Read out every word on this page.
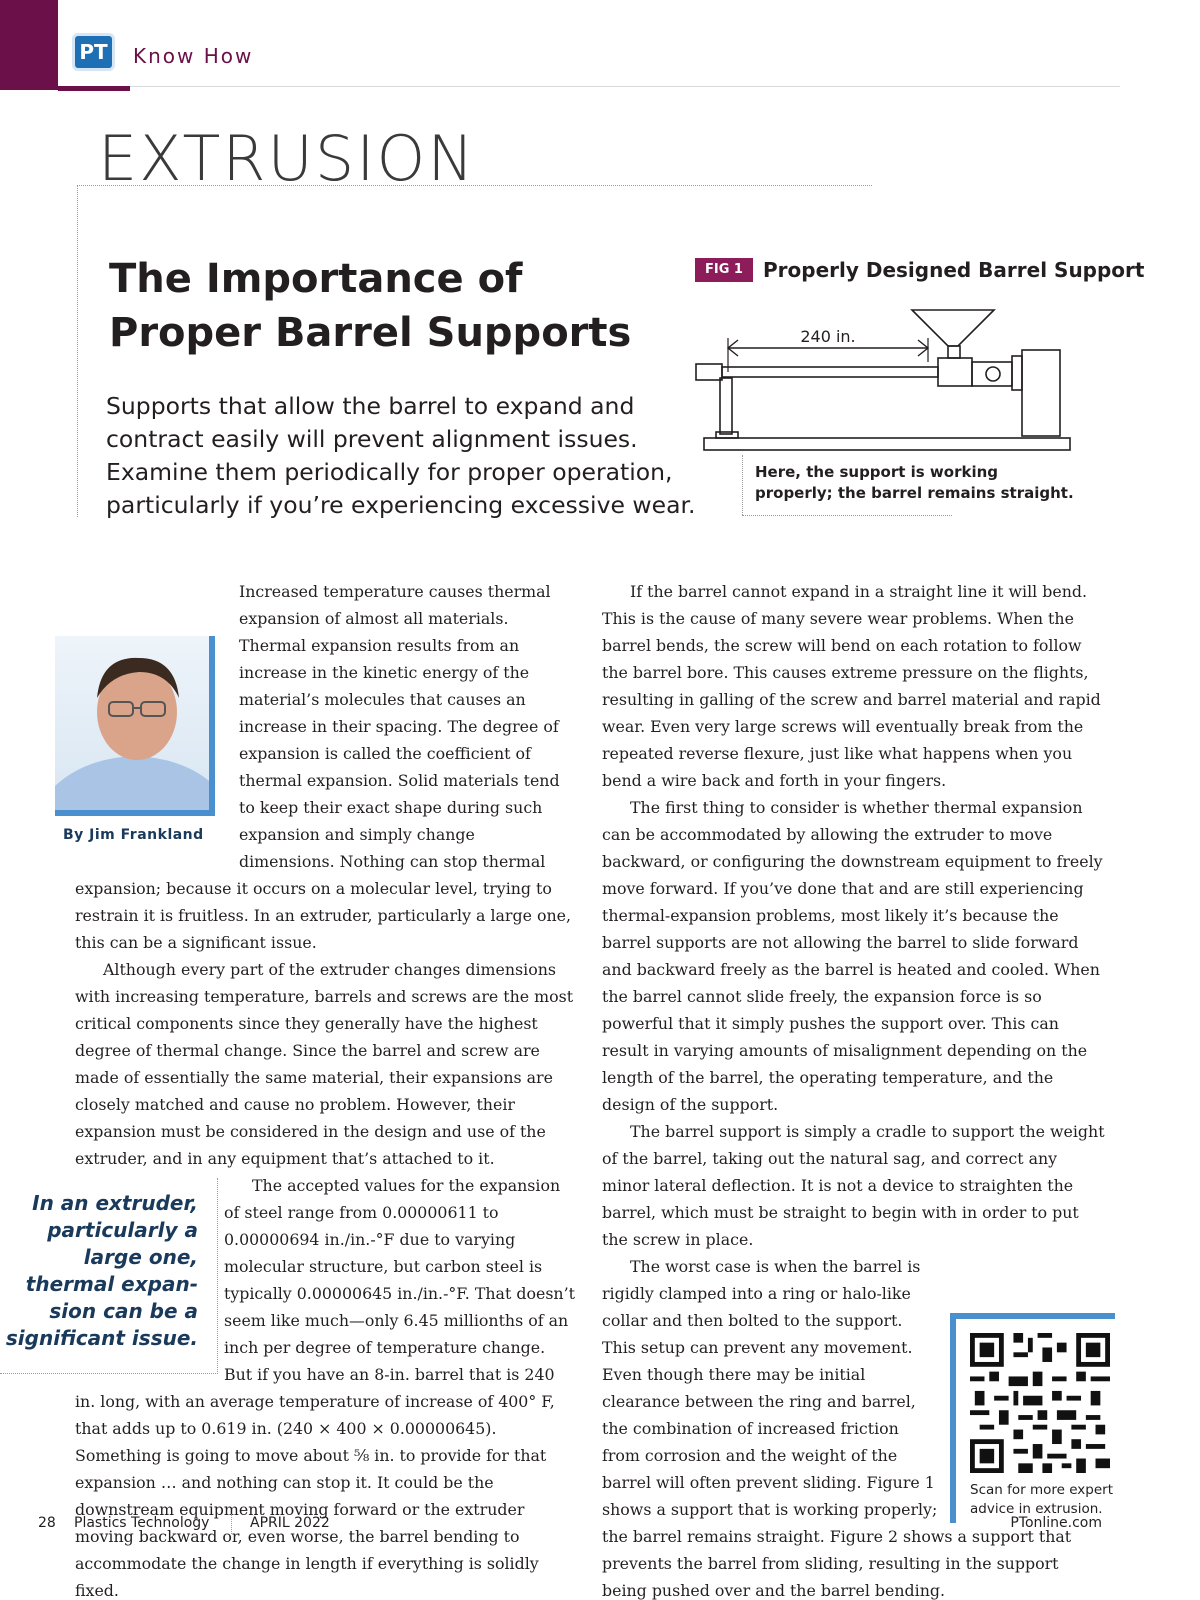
PT Know How
EXTRUSION
The Importance of
Proper Barrel Supports
Supports that allow the barrel to expand and contract easily will prevent alignment issues. Examine them periodically for proper operation, particularly if you’re experiencing excessive wear.
FIG 1	Properly Designed Barrel Support
240 in.
Here, the support is working properly; the barrel remains straight.
By Jim Frankland

Increased temperature causes thermal expansion of almost all materials. Thermal expansion results from an increase in the kinetic energy of the material’s molecules that causes an increase in their spacing. The degree of expansion is called the coefficient of thermal expansion. Solid materials tend to keep their exact shape during such expansion and simply change dimensions. Nothing can stop thermal expansion; because it occurs on a molecular level, trying to restrain it is fruitless. In an extruder, particularly a large one, this can be a significant issue.

Although every part of the extruder changes dimensions with increasing temperature, barrels and screws are the most critical components since they generally have the highest degree of thermal change. Since the barrel and screw are made of essentially the same material, their expansions are closely matched and cause no problem. However, their expansion must be considered in the design and use of the extruder, and in any equipment that’s attached to it.

In an extruder, particularly a large one, thermal expan-sion can be a significant issue.

The accepted values for the expansion of steel range from 0.00000611 to 0.00000694 in./in.-°F due to varying molecular structure, but carbon steel is typically 0.00000645 in./in.-°F. That doesn’t seem like much—only 6.45 millionths of an inch per degree of temperature change. But if you have an 8-in. barrel that is 240 in. long, with an average temperature of increase of 400° F, that adds up to 0.619 in. (240 × 400 × 0.00000645). Something is going to move about ⅝ in. to provide for that expansion … and nothing can stop it. It could be the downstream equipment moving forward or the extruder moving backward or, even worse, the barrel bending to accommodate the change in length if everything is solidly fixed.

If the barrel cannot expand in a straight line it will bend. This is the cause of many severe wear problems. When the barrel bends, the screw will bend on each rotation to follow the barrel bore. This causes extreme pressure on the flights, resulting in galling of the screw and barrel material and rapid wear. Even very large screws will eventually break from the repeated reverse flexure, just like what happens when you bend a wire back and forth in your fingers.

The first thing to consider is whether thermal expansion can be accommodated by allowing the extruder to move backward, or configuring the downstream equipment to freely move forward. If you’ve done that and are still experiencing thermal-expansion problems, most likely it’s because the barrel supports are not allowing the barrel to slide forward and backward freely as the barrel is heated and cooled. When the barrel cannot slide freely, the expansion force is so powerful that it simply pushes the support over. This can result in varying amounts of misalignment depending on the length of the barrel, the operating temperature, and the design of the support.

The barrel support is simply a cradle to support the weight of the barrel, taking out the natural sag, and correct any minor lateral deflection. It is not a device to straighten the barrel, which must be straight to begin with in order to put the screw in place.

Scan for more expert advice in extrusion.

The worst case is when the barrel is rigidly clamped into a ring or halo-like collar and then bolted to the support. This setup can prevent any movement. Even though there may be initial clearance between the ring and barrel, the combination of increased friction from corrosion and the weight of the barrel will often prevent sliding. Figure 1 shows a support that is working properly; the barrel remains straight. Figure 2 shows a support that prevents the barrel from sliding, resulting in the support being pushed over and the barrel bending.

28 Plastics Technology	APRIL 2022	PTonline.com
